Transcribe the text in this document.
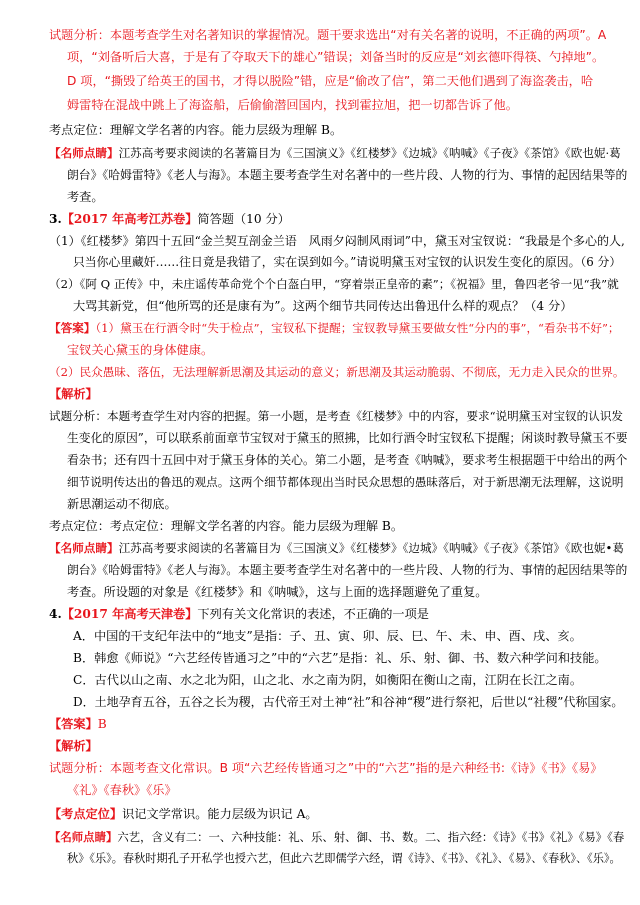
试题分析：本题考查学生对名著知识的掌握情况。题干要求选出“对有关名著的说明，不正确的两项”。A
项，“刘备听后大喜，于是有了夺取天下的雄心”错误；刘备当时的反应是“刘玄德吓得筷、勺掉地”。
D 项，“撕毁了给英王的国书，才得以脱险”错，应是“偷改了信”，第二天他们遇到了海盗袭击，哈
姆雷特在混战中跳上了海盗船，后偷偷潜回国内，找到霍拉旭，把一切都告诉了他。
考点定位：理解文学名著的内容。能力层级为理解 B。
【名师点睛】江苏高考要求阅读的名著篇目为《三国演义》《红楼梦》《边城》《呐喊》《子夜》《茶馆》《欧也妮·葛
朗台》《哈姆雷特》《老人与海》。本题主要考查学生对名著中的一些片段、人物的行为、事情的起因结果等的
考查。
3.【2017 年高考江苏卷】简答题（10 分）
（1）《红楼梦》第四十五回“金兰契互剖金兰语　风雨夕闷制风雨词”中，黛玉对宝钗说：“我最是个多心的人,
只当你心里藏奸……往日竟是我错了，实在误到如今。”请说明黛玉对宝钗的认识发生变化的原因。（6 分）
（2）《阿 Q 正传》中，未庄谣传革命党个个白盔白甲，“穿着崇正皇帝的素”；《祝福》里，鲁四老爷一见“我”就
大骂其新党，但“他所骂的还是康有为”。这两个细节共同传达出鲁迅什么样的观点？（4 分）
【答案】（1）黛玉在行酒令时“失于检点”，宝钗私下提醒；宝钗教导黛玉要做女性“分内的事”，“看杂书不好”；
宝钗关心黛玉的身体健康。
（2）民众愚昧、落伍，无法理解新思潮及其运动的意义；新思潮及其运动脆弱、不彻底，无力走入民众的世界。
【解析】
试题分析：本题考查学生对内容的把握。第一小题，是考查《红楼梦》中的内容，要求“说明黛玉对宝钗的认识发
生变化的原因”，可以联系前面章节宝钗对于黛玉的照拂，比如行酒令时宝钗私下提醒；闲谈时教导黛玉不要
看杂书；还有四十五回中对于黛玉身体的关心。第二小题，是考查《呐喊》，要求考生根据题干中给出的两个
细节说明传达出的鲁迅的观点。这两个细节都体现出当时民众思想的愚昧落后，对于新思潮无法理解，这说明
新思潮运动不彻底。
考点定位：考点定位：理解文学名著的内容。能力层级为理解 B。
【名师点睛】江苏高考要求阅读的名著篇目为《三国演义》《红楼梦》《边城》《呐喊》《子夜》《茶馆》《欧也妮•葛
朗台》《哈姆雷特》《老人与海》。本题主要考查学生对名著中的一些片段、人物的行为、事情的起因结果等的
考查。所设题的对象是《红楼梦》和《呐喊》，这与上面的选择题避免了重复。
4.【2017 年高考天津卷】下列有关文化常识的表述，不正确的一项是
A．中国的干支纪年法中的“地支”是指：子、丑、寅、卯、辰、巳、午、未、申、酉、戌、亥。
B．韩愈《师说》“六艺经传皆通习之”中的“六艺”是指：礼、乐、射、御、书、数六种学问和技能。
C．古代以山之南、水之北为阳，山之北、水之南为阴，如衡阳在衡山之南，江阴在长江之南。
D．土地孕育五谷，五谷之长为稷，古代帝王对土神“社”和谷神“稷”进行祭祀，后世以“社稷”代称国家。
【答案】B
【解析】
试题分析：本题考查文化常识。B 项“六艺经传皆通习之”中的“六艺”指的是六种经书:《诗》《书》《易》
《礼》《春秋》《乐》
【考点定位】识记文学常识。能力层级为识记 A。
【名师点睛】六艺，含义有二：一、六种技能：礼、乐、射、御、书、数。二、指六经：《诗》《书》《礼》《易》《春
秋》《乐》。春秋时期孔子开私学也授六艺，但此六艺即儒学六经，谓《诗》、《书》、《礼》、《易》、《春秋》、《乐》。
